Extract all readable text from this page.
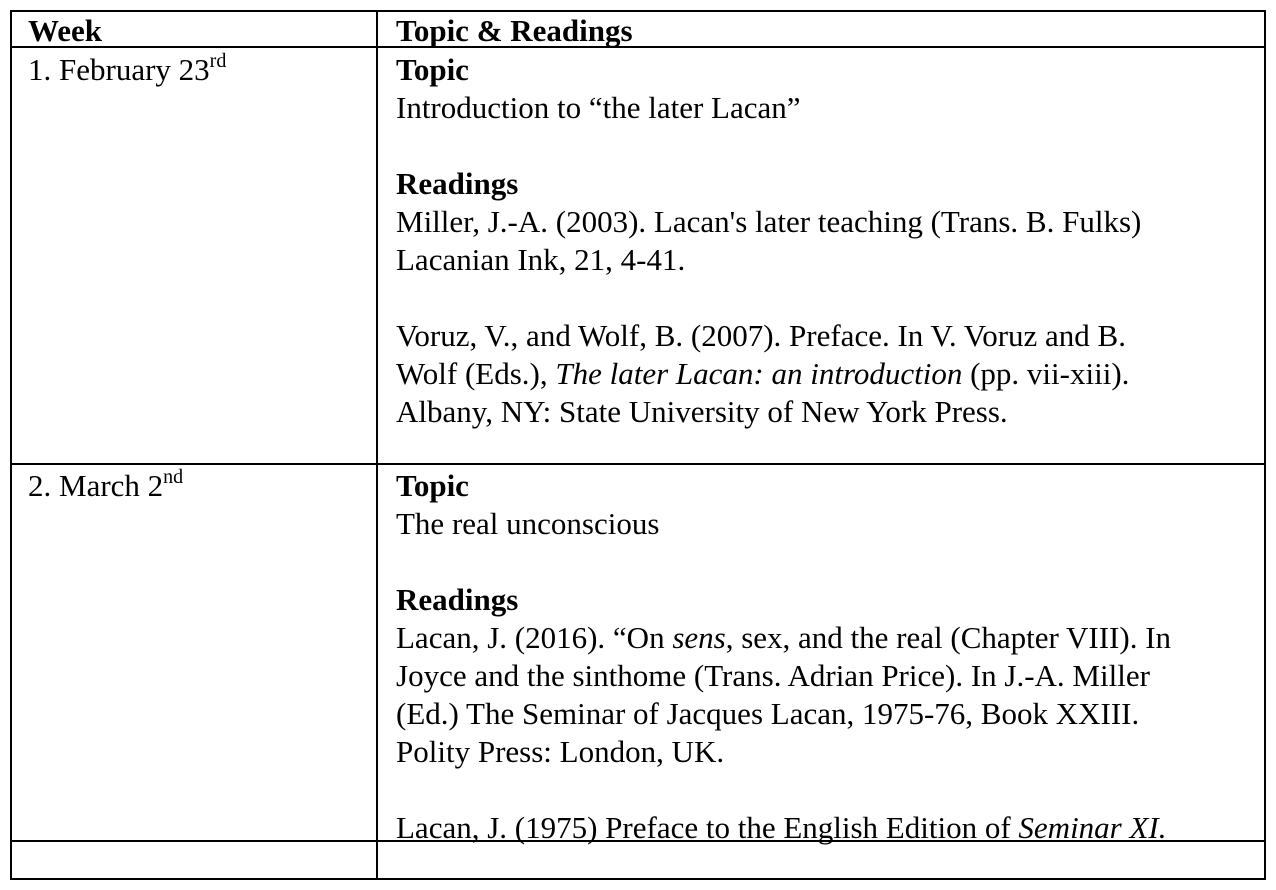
Week	Topic & Readings
1. February 23rd	Topic
Introduction to “the later Lacan”

Readings
Miller, J.-A. (2003). Lacan's later teaching (Trans. B. Fulks)
Lacanian Ink, 21, 4-41.

Voruz, V., and Wolf, B. (2007). Preface. In V. Voruz and B.
Wolf (Eds.), The later Lacan: an introduction (pp. vii-xiii).
Albany, NY: State University of New York Press.
2. March 2nd	Topic
The real unconscious

Readings
Lacan, J. (2016). “On sens, sex, and the real (Chapter VIII). In
Joyce and the sinthome (Trans. Adrian Price). In J.-A. Miller
(Ed.) The Seminar of Jacques Lacan, 1975-76, Book XXIII.
Polity Press: London, UK.

Lacan, J. (1975) Preface to the English Edition of Seminar XI.
